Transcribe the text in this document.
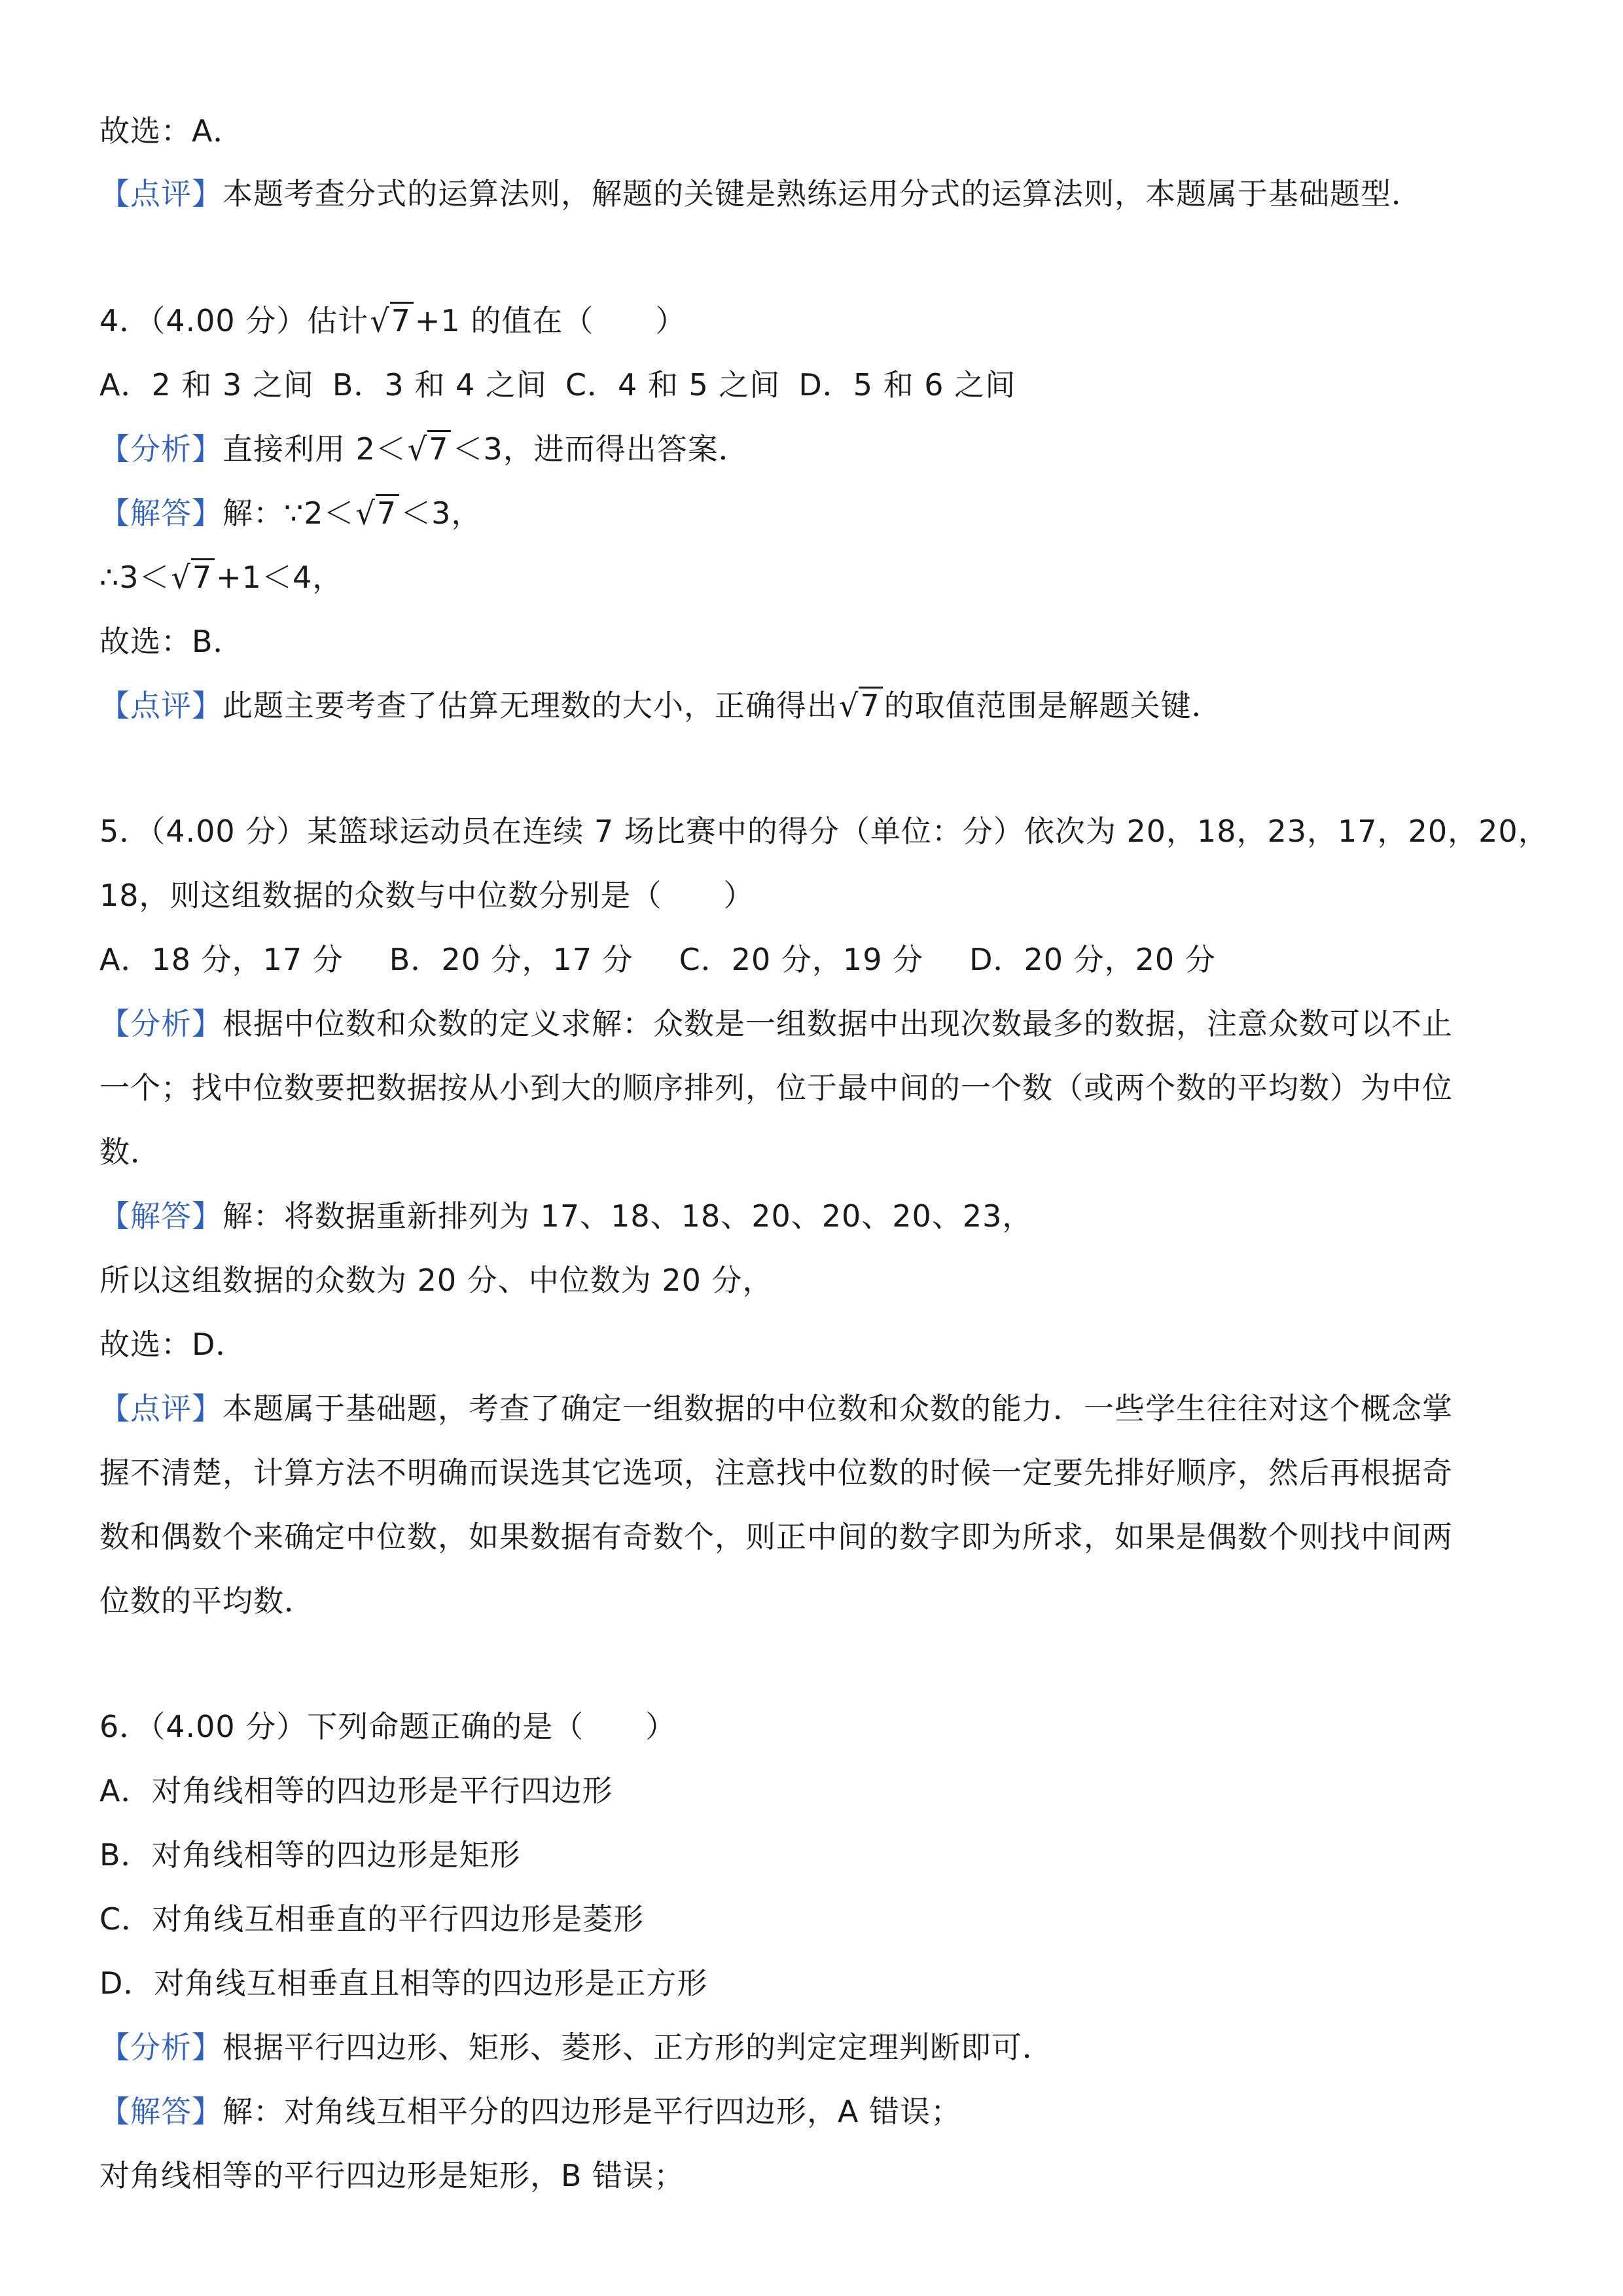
故选：A．
【点评】本题考查分式的运算法则，解题的关键是熟练运用分式的运算法则，本题属于基础题型．
4．（4.00 分）估计√7 +1 的值在（　　）
A．2 和 3 之间 B．3 和 4 之间 C．4 和 5 之间 D．5 和 6 之间
【分析】直接利用 2＜√7 ＜3，进而得出答案．
【解答】解：∵2＜√7 ＜3，
∴3＜√7 +1＜4，
故选：B．
【点评】此题主要考查了估算无理数的大小，正确得出√7 的取值范围是解题关键．
5．（4.00 分）某篮球运动员在连续 7 场比赛中的得分（单位：分）依次为 20，18，23，17，20，20，
18，则这组数据的众数与中位数分别是（　　）
A．18 分，17 分 B．20 分，17 分 C．20 分，19 分 D．20 分，20 分
【分析】根据中位数和众数的定义求解：众数是一组数据中出现次数最多的数据，注意众数可以不止
一个；找中位数要把数据按从小到大的顺序排列，位于最中间的一个数（或两个数的平均数）为中位
数．
【解答】解：将数据重新排列为 17、18、18、20、20、20、23，
所以这组数据的众数为 20 分、中位数为 20 分，
故选：D．
【点评】本题属于基础题，考查了确定一组数据的中位数和众数的能力．一些学生往往对这个概念掌
握不清楚，计算方法不明确而误选其它选项，注意找中位数的时候一定要先排好顺序，然后再根据奇
数和偶数个来确定中位数，如果数据有奇数个，则正中间的数字即为所求，如果是偶数个则找中间两
位数的平均数．
6．（4.00 分）下列命题正确的是（　　）
A．对角线相等的四边形是平行四边形
B．对角线相等的四边形是矩形
C．对角线互相垂直的平行四边形是菱形
D．对角线互相垂直且相等的四边形是正方形
【分析】根据平行四边形、矩形、菱形、正方形的判定定理判断即可．
【解答】解：对角线互相平分的四边形是平行四边形，A 错误；
对角线相等的平行四边形是矩形，B 错误；
